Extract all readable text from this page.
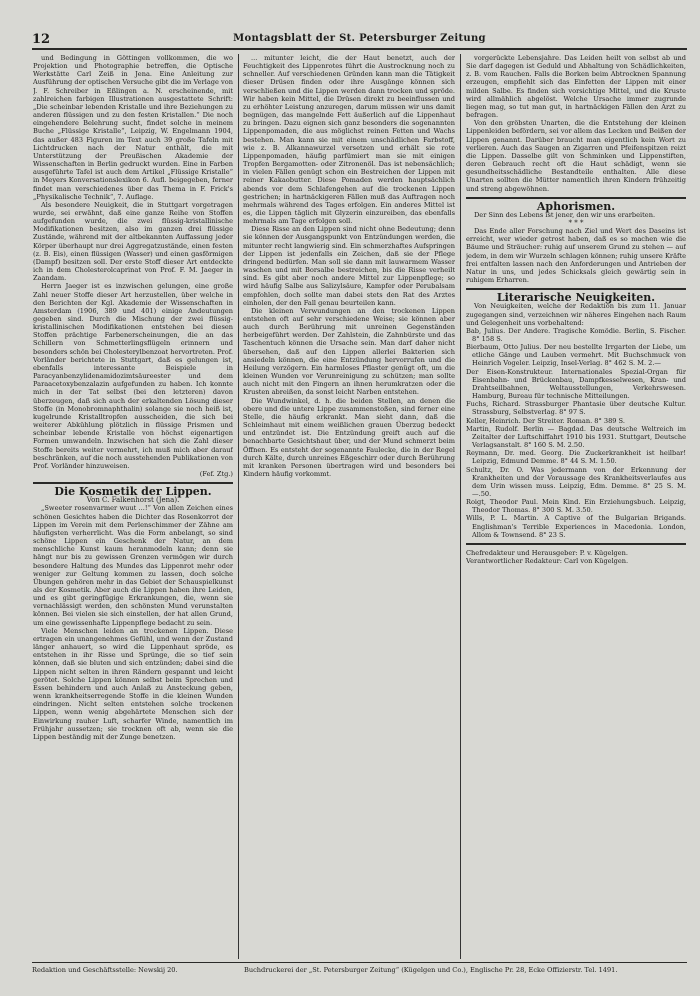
12	Montagsblatt der St. Petersburger Zeitung

und Bedingung in Göttingen vollkommen, die wo Projektion und Photographie betreffen, die Optische Werkstätte Carl Zeiß in Jena. Eine Anleitung zur Ausführung der optischen Versuche gibt die im Verlage von J. F. Schreiber in Eßlingen a. N. erscheinende, mit zahlreichen farbigen Illustrationen ausgestattete Schrift: „Die scheinbar lebenden Kristalle und ihre Beziehungen zu anderen flüssigen und zu den festen Kristallen.“ Die noch eingehendere Belehrung sucht, findet solche in meinem Buche „Flüssige Kristalle“, Leipzig, W. Engelmann 1904, das außer 483 Figuren im Text auch 39 große Tafeln mit Lichtdrucken nach der Natur enthält, die mit Unterstützung der Preußischen Akademie der Wissenschaften in Berlin gedruckt wurden. Eine in Farben ausgeführte Tafel ist auch dem Artikel „Flüssige Kristalle“ in Meyers Konversationslexikon 6. Aufl. beigegeben, ferner findet man verschiedenes über das Thema in F. Frick's „Physikalische Technik“, 7. Auflage.

Als besondere Neuigkeit, die in Stuttgart vorgetragen wurde, sei erwähnt, daß eine ganze Reihe von Stoffen aufgefunden wurde, die zwei flüssig-kristallinische Modifikationen besitzen, also im ganzen drei flüssige Zustände, während mit der altbekannten Auffassung jeder Körper überhaupt nur drei Aggregatzustände, einen festen (z. B. Eis), einen flüssigen (Wasser) und einen gasförmigen (Dampf) besitzen soll. Der erste Stoff dieser Art entdeckte ich in dem Cholesterolcaprinat von Prof. F. M. Jaeger in Zaandam.

Herrn Jaeger ist es inzwischen gelungen, eine große Zahl neuer Stoffe dieser Art herzustellen, über welche in den Berichten der Kgl. Akademie der Wissenschaften in Amsterdam (1906, 389 und 401) einige Andeutungen gegeben sind. Durch die Mischung der zwei flüssig-kristallinischen Modifikationen entstehen bei diesen Stoffen prächtige Farbenerscheinungen, die an das Schillern von Schmetterlingsflügeln erinnern und besonders schön bei Cholesterylbenzoat hervortreten. Prof. Vorländer berichtete in Stuttgart, daß es gelungen ist, ebenfalls interessante Beispiele in Paracyanbenzylidenamidozimtsäureester und dem Paraacetoxybenzalazin aufgefunden zu haben. Ich konnte mich in der Tat selbst (bei den letzteren) davon überzeugen, daß sich auch der erkaltenden Lösung dieser Stoffe (in Monobromnaphthalin) solange sie noch heiß ist, kugelrunde Kristalltropfen ausscheiden, die sich bei weiterer Abkühlung plötzlich in flüssige Prismen und scheinbar lebende Kristalle von höchst eigenartigen Formen umwandeln. Inzwischen hat sich die Zahl dieser Stoffe bereits weiter vermehrt, ich muß mich aber darauf beschränken, auf die noch ausstehenden Publikationen von Prof. Vorländer hinzuweisen.

(Fef. Ztg.)

Die Kosmetik der Lippen.

Von C. Falkenhorst (Jena).

„Sweeter rosenvarmer wuut ...!“ Von allen Zeichen eines schönen Gesichtes haben die Dichter das Rosenkorrot der Lippen im Verein mit dem Perlenschimmer der Zähne am häufigsten verherrlicht. Was die Form anbelangt, so sind schöne Lippen ein Geschenk der Natur, an dem menschliche Kunst kaum heranmodeln kann; denn sie hängt nur bis zu gewissen Grenzen vermögen wir durch besondere Haltung des Mundes das Lippenrot mehr oder weniger zur Geltung kommen zu lassen, doch solche Übungen gehören mehr in das Gebiet der Schauspielkunst als der Kosmetik. Aber auch die Lippen haben ihre Leiden, und es gibt geringfügige Erkrankungen, die, wenn sie vernachlässigt werden, den schönsten Mund verunstalten können. Bei vielen sie sich einstellen, der hat allen Grund, um eine gewissenhafte Lippenpflege bedacht zu sein.

Viele Menschen leiden an trockenen Lippen. Diese ertragen ein unangenehmes Gefühl, und wenn der Zustand länger anhauert, so wird die Lippenhaut spröde, es entstehen in ihr Risse und Sprünge, die so tief sein können, daß sie bluten und sich entzünden; dabei sind die Lippen nicht selten in ihren Rändern gespannt und leicht gerötet. Solche Lippen können selbst beim Sprechen und Essen behindern und auch Anlaß zu Ansteckung geben, wenn krankheitserregende Stoffe in die kleinen Wunden eindringen. Nicht selten entstehen solche trockenen Lippen, wenn wenig abgehärtete Menschen sich der Einwirkung rauher Luft, scharfer Winde, namentlich im Frühjahr aussetzen; sie trocknen oft ab, wenn sie die Lippen beständig mit der Zunge benetzen.

... mitunter leicht, die der Haut benetzt, auch der Feuchtigkeit des Lippenrotes führt die Austrocknung noch zu schneller. Auf verschiedenen Gründen kann man die Tätigkeit dieser Drüsen finden oder ihre Ausgänge können sich verschließen und die Lippen werden dann trocken und spröde. Wir haben kein Mittel, die Drüsen direkt zu beeinflussen und zu erhöhter Leistung anzuregen, darum müssen wir uns damit begnügen, das mangelnde Fett äußerlich auf die Lippenhaut zu bringen. Dazu eignen sich ganz besonders die sogenannten Lippenpomaden, die aus möglichst reinen Fetten und Wachs bestehen. Man kann sie mit einem unschädlichen Farbstoff, wie z. B. Alkannawurzel versetzen und erhält sie rote Lippenpomaden, häufig parfümiert man sie mit einigen Tropfen Bergamotten- oder Zitronenöl. Das ist nebensächlich; in vielen Fällen genügt schon ein Bestreichen der Lippen mit reiner Kakaobutter. Diese Pomaden werden hauptsächlich abends vor dem Schlafengehen auf die trockenen Lippen gestrichen; in hartnäckigeren Fällen muß das Auftragen noch mehrmals während des Tages erfolgen. Ein anderes Mittel ist es, die Lippen täglich mit Glyzerin einzureiben, das ebenfalls mehrmals am Tage erfolgen soll.

Diese Risse an den Lippen sind nicht ohne Bedeutung; denn sie können der Ausgangspunkt von Entzündungen werden, die mitunter recht langwierig sind. Ein schmerzhaftes Aufspringen der Lippen ist jedenfalls ein Zeichen, daß sie der Pflege dringend bedürfen. Man soll sie dann mit lauwarmem Wasser waschen und mit Borsalbe bestreichen, bis die Risse verheilt sind. Es gibt aber noch andere Mittel zur Lippenpflege; so wird häufig Salbe aus Salizylsäure, Kampfer oder Perubalsam empfohlen, doch sollte man dabei stets den Rat des Arztes einholen, der den Fall genau beurteilen kann.

Die kleinen Verwundungen an den trockenen Lippen entstehen oft auf sehr verschiedene Weise; sie können aber auch durch Berührung mit unreinen Gegenständen herbeigeführt werden. Der Zahlstein, die Zahnbürste und das Taschentuch können die Ursache sein. Man darf daher nicht übersehen, daß auf den Lippen allerlei Bakterien sich ansiedeln können, die eine Entzündung hervorrufen und die Heilung verzögern. Ein harmloses Pflaster genügt oft, um die kleinen Wunden vor Verunreinigung zu schützen; man sollte auch nicht mit den Fingern an ihnen herumkratzen oder die Krusten abreißen, da sonst leicht Narben entstehen.

Die Wundwinkel, d. h. die beiden Stellen, an denen die obere und die untere Lippe zusammenstoßen, sind ferner eine Stelle, die häufig erkrankt. Man sieht dann, daß die Schleimhaut mit einem weißlichen grauen Überzug bedeckt und entzündet ist. Die Entzündung greift auch auf die benachbarte Gesichtshaut über, und der Mund schmerzt beim Öffnen. Es entsteht der sogenannte Faulecke, die in der Regel durch Kälte, durch unreines Eßgeschirr oder durch Berührung mit kranken Personen übertragen wird und besonders bei Kindern häufig vorkommt.

vorgerückte Lebensjahre. Das Leiden heilt von selbst ab und Sie darf dagegen ist Geduld und Abhaltung von Schädlichkeiten, z. B. vom Rauchen. Falls die Borken beim Abtrocknen Spannung erzeugen, empfiehlt sich das Einfetten der Lippen mit einer milden Salbe. Es finden sich vorsichtige Mittel, und die Kruste wird allmählich abgelöst. Welche Ursache immer zugrunde liegen mag, so tut man gut, in hartnäckigen Fällen den Arzt zu befragen.

Von den gröbsten Unarten, die die Entstehung der kleinen Lippenleiden befördern, sei vor allem das Lecken und Beißen der Lippen genannt. Darüber braucht man eigentlich kein Wort zu verlieren. Auch das Saugen an Zigarren und Pfeifenspitzen reizt die Lippen. Dasselbe gilt von Schminken und Lippenstiften, deren Gebrauch recht oft die Haut schädigt, wenn sie gesundheitsschädliche Bestandteile enthalten. Alle diese Unarten sollten die Mütter namentlich ihren Kindern frühzeitig und streng abgewöhnen.

Aphorismen.

Der Sinn des Lebens ist jener, den wir uns erarbeiten.

* * *

Das Ende aller Forschung nach Ziel und Wert des Daseins ist erreicht, wer wieder getrost haben, daß es so machen wie die Bäume und Sträucher: ruhig auf unserem Grund zu stehen — auf jedem, in dem wir Wurzeln schlagen können; ruhig unsere Kräfte frei entfalten lassen nach den Anforderungen und Antrieben der Natur in uns, und jedes Schicksals gleich gewärtig sein in ruhigem Erharren.

Literarische Neuigkeiten.

Von Neuigkeiten, welche der Redaktion bis zum 11. Januar zugegangen sind, verzeichnen wir näheres Eingehen nach Raum und Gelegenheit uns vorbehaltend:

Bab, Julius. Der Andere. Tragische Komödie. Berlin, S. Fischer. 8° 158 S.

Bierbaum, Otto Julius. Der neu bestellte Irrgarten der Liebe, um etliche Gänge und Lauben vermehrt. Mit Buchschmuck von Heinrich Vogeler. Leipzig, Insel-Verlag. 8° 462 S. M. 2.—

Der Eisen-Konstrukteur. Internationales Spezial-Organ für Eisenbahn- und Brückenbau, Dampfkesselwesen, Kran- und Drahtseilbahnen, Weltausstellungen, Verkehrswesen. Hamburg, Bureau für technische Mitteilungen.

Fuchs, Richard. Strassburger Phantasie über deutsche Kultur. Strassburg, Selbstverlag. 8° 97 S.

Keller, Heinrich. Der Streiter. Roman. 8° 389 S.

Martin, Rudolf. Berlin — Bagdad. Das deutsche Weltreich im Zeitalter der Luftschiffahrt 1910 bis 1931. Stuttgart, Deutsche Verlagsanstalt. 8° 160 S. M. 2.50.

Reymann, Dr. med. Georg. Die Zuckerkrankheit ist heilbar! Leipzig, Edmund Demme. 8° 44 S. M. 1.50.

Schultz, Dr. O. Was jedermann von der Erkennung der Krankheiten und der Voraussage des Krankheitsverlaufes aus dem Urin wissen muss. Leipzig, Edm. Demme. 8° 25 S. M. —.50.

Roigt, Theodor Paul. Mein Kind. Ein Erziehungsbuch. Leipzig, Theodor Thomas. 8° 300 S. M. 3.50.

Wills, P. L. Martin. A Captive of the Bulgarian Brigands. Englishman's Terrible Experiences in Macedonia. London, Allom & Townsend. 8° 23 S.

Chefredakteur und Herausgeber: P. v. Kügelgen.

Verantwortlicher Redakteur: Carl von Kügelgen.

Redaktion und Geschäftsstelle: Newskij 20.	Buchdruckerei der „St. Petersburger Zeitung“ (Kügelgen und Co.), Englische Pr. 28, Ecke Offizierstr. Tel. 1491.
